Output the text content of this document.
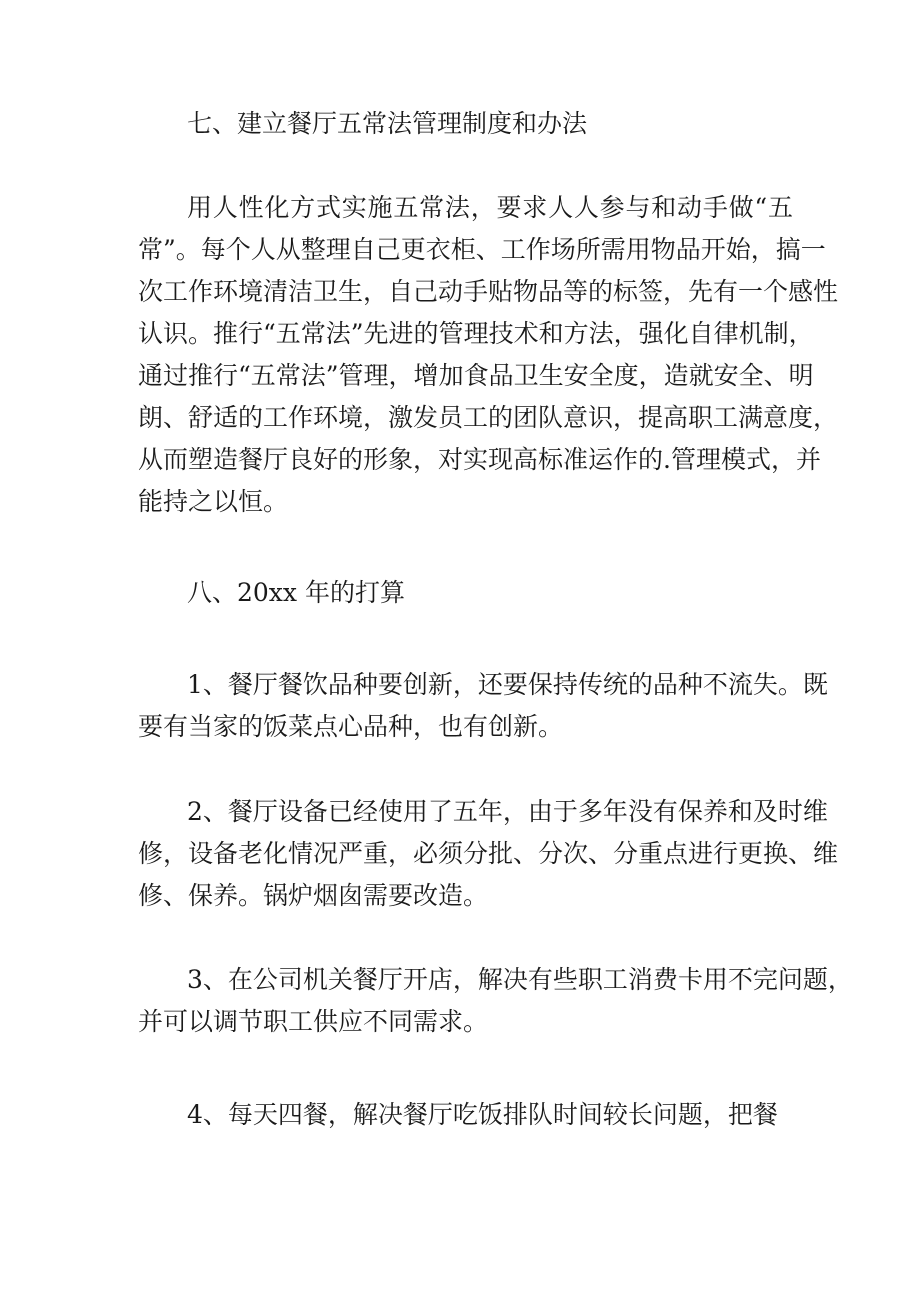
七、建立餐厅五常法管理制度和办法
用人性化方式实施五常法，要求人人参与和动手做“五
常”。每个人从整理自己更衣柜、工作场所需用物品开始，搞一
次工作环境清洁卫生，自己动手贴物品等的标签，先有一个感性
认识。推行“五常法”先进的管理技术和方法，强化自律机制，
通过推行“五常法”管理，增加食品卫生安全度，造就安全、明
朗、舒适的工作环境，激发员工的团队意识，提高职工满意度，
从而塑造餐厅良好的形象，对实现高标准运作的.管理模式，并
能持之以恒。
八、20xx 年的打算
1、餐厅餐饮品种要创新，还要保持传统的品种不流失。既
要有当家的饭菜点心品种，也有创新。
2、餐厅设备已经使用了五年，由于多年没有保养和及时维
修，设备老化情况严重，必须分批、分次、分重点进行更换、维
修、保养。锅炉烟囱需要改造。
3、在公司机关餐厅开店，解决有些职工消费卡用不完问题，
并可以调节职工供应不同需求。
4、每天四餐，解决餐厅吃饭排队时间较长问题，把餐
